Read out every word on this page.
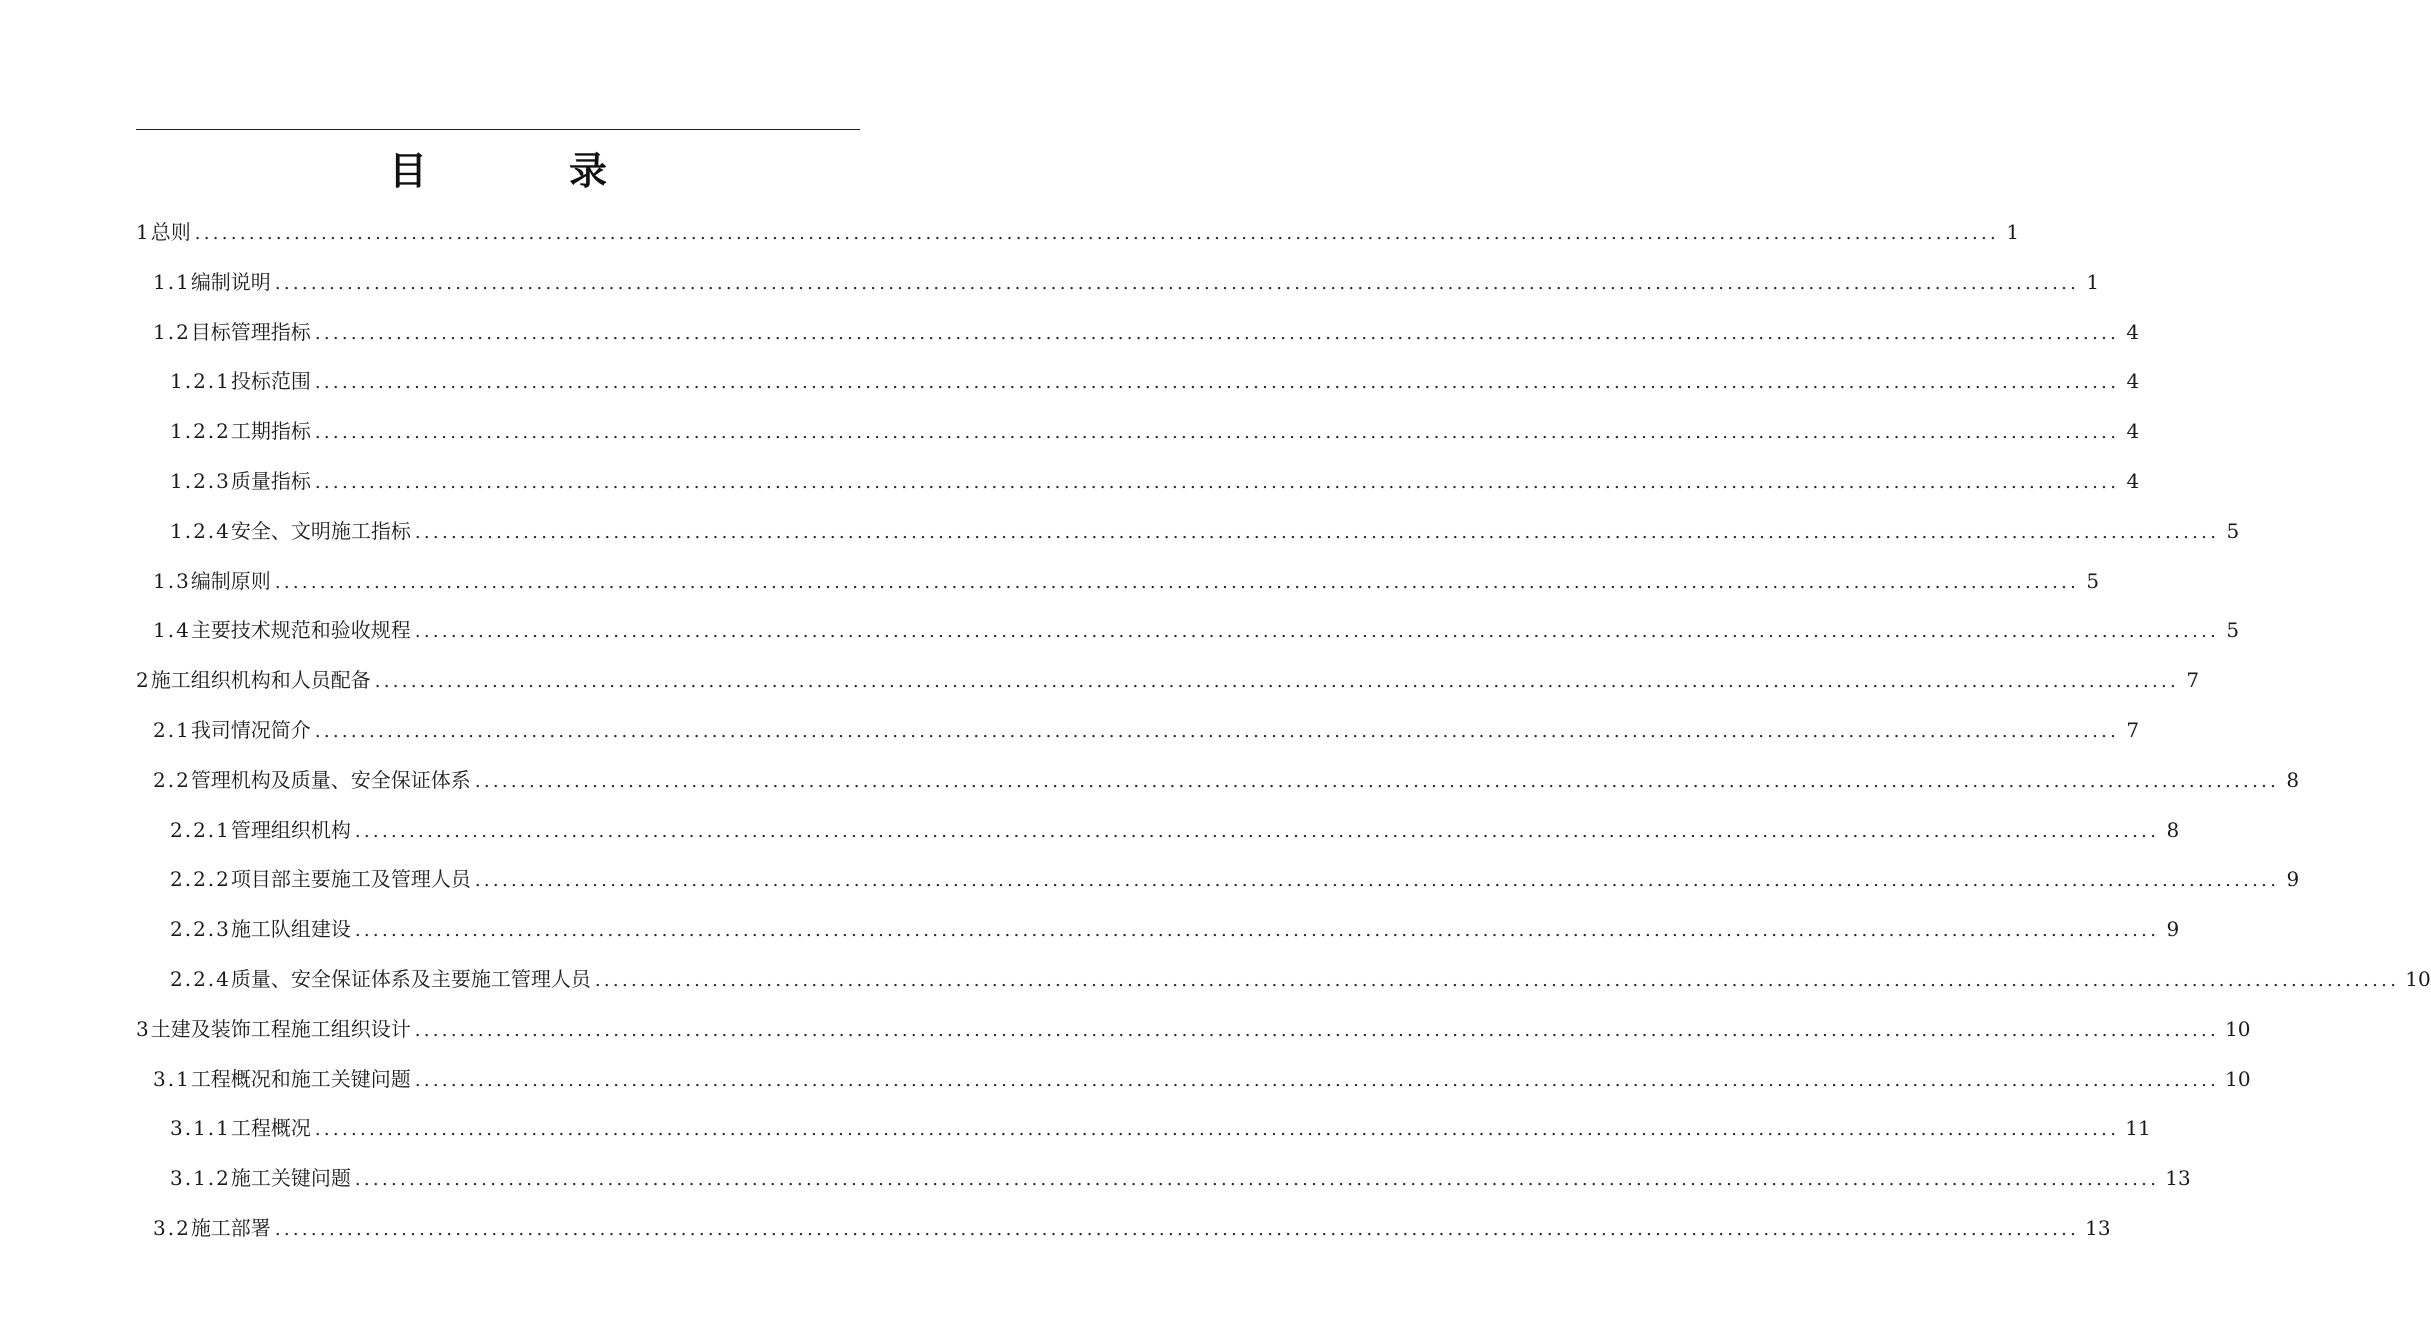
目　录
1 总则 ........................................................................................................................................................................................................ 1
1.1 编制说明 ........................................................................................................................................................................................................ 1
1.2 目标管理指标 ........................................................................................................................................................................................................ 4
1.2.1 投标范围 ........................................................................................................................................................................................................ 4
1.2.2 工期指标 ........................................................................................................................................................................................................ 4
1.2.3 质量指标 ........................................................................................................................................................................................................ 4
1.2.4 安全、文明施工指标 ........................................................................................................................................................................................................ 5
1.3 编制原则 ........................................................................................................................................................................................................ 5
1.4 主要技术规范和验收规程 ........................................................................................................................................................................................................ 5
2 施工组织机构和人员配备 ........................................................................................................................................................................................................ 7
2.1 我司情况简介 ........................................................................................................................................................................................................ 7
2.2 管理机构及质量、安全保证体系 ........................................................................................................................................................................................................ 8
2.2.1 管理组织机构 ........................................................................................................................................................................................................ 8
2.2.2 项目部主要施工及管理人员 ........................................................................................................................................................................................................ 9
2.2.3 施工队组建设 ........................................................................................................................................................................................................ 9
2.2.4 质量、安全保证体系及主要施工管理人员 ........................................................................................................................................................................................................ 10
3 土建及装饰工程施工组织设计 ........................................................................................................................................................................................................ 10
3.1 工程概况和施工关键问题 ........................................................................................................................................................................................................ 10
3.1.1 工程概况 ........................................................................................................................................................................................................ 11
3.1.2 施工关键问题 ........................................................................................................................................................................................................ 13
3.2 施工部署 ........................................................................................................................................................................................................ 13
